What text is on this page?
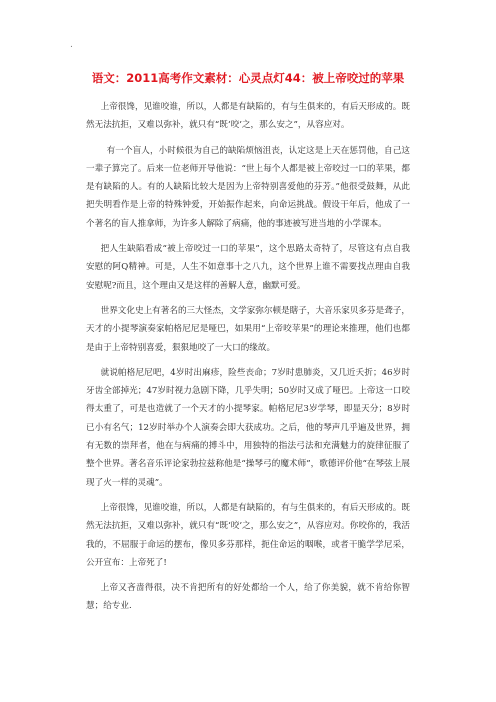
.
语文：2011高考作文素材：心灵点灯44：被上帝咬过的苹果

上帝很馋，见谁咬谁，所以，人都是有缺陷的，有与生俱来的，有后天形成的。既然无法抗拒，又难以弥补，就只有“既‘咬’之，那么安之”，从容应对。

有一个盲人，小时候很为自己的缺陷烦恼沮丧，认定这是上天在惩罚他，自己这一辈子算完了。后来一位老师开导他说：“世上每个人都是被上帝咬过一口的苹果，都是有缺陷的人。有的人缺陷比较大是因为上帝特别喜爱他的芬芳。”他很受鼓舞，从此把失明看作是上帝的特殊钟爱，开始振作起来，向命运挑战。假设干年后，他成了一个著名的盲人推拿师，为许多人解除了病痛，他的事迹被写进当地的小学课本。

把人生缺陷看成“被上帝咬过一口的苹果”，这个思路太奇特了，尽管这有点自我安慰的阿Q精神。可是，人生不如意事十之八九，这个世界上谁不需要找点理由自我安慰呢?而且，这个理由又是这样的善解人意，幽默可爱。

世界文化史上有著名的三大怪杰，文学家弥尔顿是瞎子，大音乐家贝多芬是聋子，天才的小提琴演奏家帕格尼尼是哑巴，如果用“上帝咬苹果”的理论来推理，他们也都是由于上帝特别喜爱，狠狠地咬了一大口的缘故。

就说帕格尼尼吧，4岁时出麻疹，险些丧命；7岁时患肺炎，又几近夭折；46岁时牙齿全部掉光；47岁时视力急剧下降，几乎失明；50岁时又成了哑巴。上帝这一口咬得太重了，可是也造就了一个天才的小提琴家。帕格尼尼3岁学琴，即显天分；8岁时已小有名气；12岁时举办个人演奏会即大获成功。之后，他的琴声几乎遍及世界，拥有无数的崇拜者，他在与病痛的搏斗中，用独特的指法弓法和充满魅力的旋律征服了整个世界。著名音乐评论家勃拉兹称他是“操琴弓的魔术师”，歌德评价他“在琴弦上展现了火一样的灵魂”。

上帝很馋，见谁咬谁，所以，人都是有缺陷的，有与生俱来的，有后天形成的。既然无法抗拒，又难以弥补，就只有“既‘咬’之，那么安之”，从容应对。你咬你的，我活我的，不屈服于命运的摆布，像贝多芬那样，扼住命运的咽喉，或者干脆学学尼采，公开宣布：上帝死了!

上帝又吝啬得很，决不肯把所有的好处都给一个人，给了你美貌，就不肯给你智慧；给专业.
